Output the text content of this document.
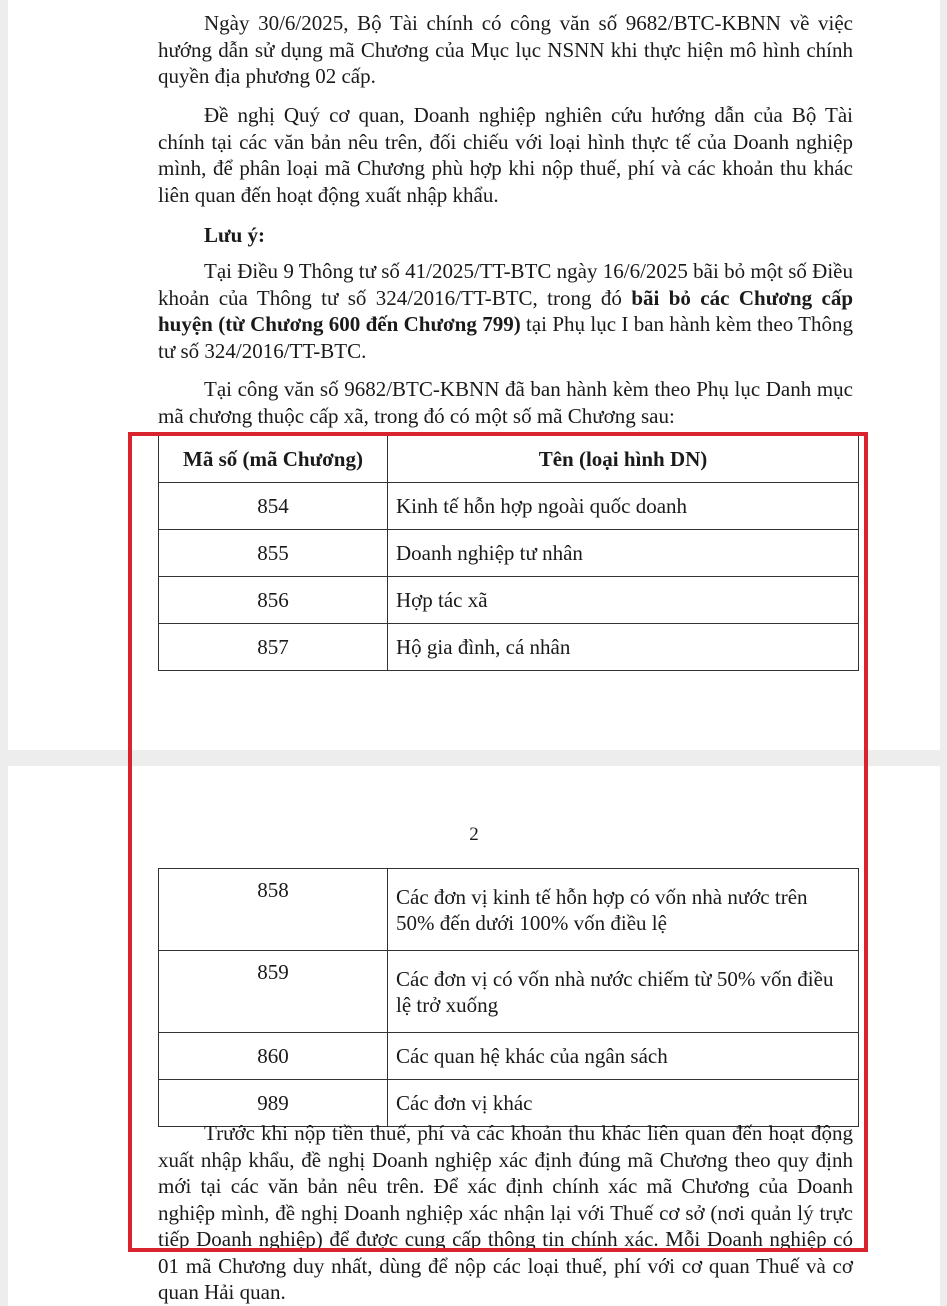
Ngày 30/6/2025, Bộ Tài chính có công văn số 9682/BTC-KBNN về việc hướng dẫn sử dụng mã Chương của Mục lục NSNN khi thực hiện mô hình chính quyền địa phương 02 cấp.

Đề nghị Quý cơ quan, Doanh nghiệp nghiên cứu hướng dẫn của Bộ Tài chính tại các văn bản nêu trên, đối chiếu với loại hình thực tế của Doanh nghiệp mình, để phân loại mã Chương phù hợp khi nộp thuế, phí và các khoản thu khác liên quan đến hoạt động xuất nhập khẩu.

Lưu ý:

Tại Điều 9 Thông tư số 41/2025/TT-BTC ngày 16/6/2025 bãi bỏ một số Điều khoản của Thông tư số 324/2016/TT-BTC, trong đó bãi bỏ các Chương cấp huyện (từ Chương 600 đến Chương 799) tại Phụ lục I ban hành kèm theo Thông tư số 324/2016/TT-BTC.

Tại công văn số 9682/BTC-KBNN đã ban hành kèm theo Phụ lục Danh mục mã chương thuộc cấp xã, trong đó có một số mã Chương sau:

Mã số (mã Chương)	Tên (loại hình DN)
854	Kinh tế hỗn hợp ngoài quốc doanh
855	Doanh nghiệp tư nhân
856	Hợp tác xã
857	Hộ gia đình, cá nhân
2
858	Các đơn vị kinh tế hỗn hợp có vốn nhà nước trên 50% đến dưới 100% vốn điều lệ
859	Các đơn vị có vốn nhà nước chiếm từ 50% vốn điều lệ trở xuống
860	Các quan hệ khác của ngân sách
989	Các đơn vị khác

Trước khi nộp tiền thuế, phí và các khoản thu khác liên quan đến hoạt động xuất nhập khẩu, đề nghị Doanh nghiệp xác định đúng mã Chương theo quy định mới tại các văn bản nêu trên. Để xác định chính xác mã Chương của Doanh nghiệp mình, đề nghị Doanh nghiệp xác nhận lại với Thuế cơ sở (nơi quản lý trực tiếp Doanh nghiệp) để được cung cấp thông tin chính xác. Mỗi Doanh nghiệp có 01 mã Chương duy nhất, dùng để nộp các loại thuế, phí với cơ quan Thuế và cơ quan Hải quan.
